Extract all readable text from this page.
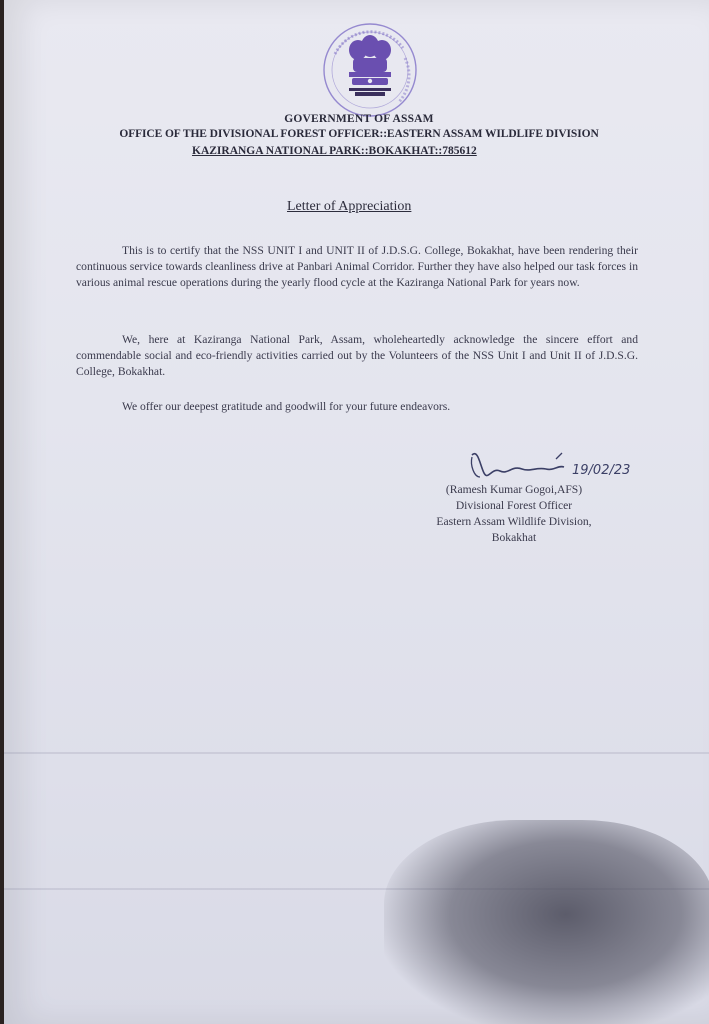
GOVERNMENT OF ASSAM
OFFICE OF THE DIVISIONAL FOREST OFFICER::EASTERN ASSAM WILDLIFE DIVISION
KAZIRANGA NATIONAL PARK::BOKAKHAT::785612
Letter of Appreciation

This is to certify that the NSS UNIT I and UNIT II of J.D.S.G. College, Bokakhat, have been rendering their continuous service towards cleanliness drive at Panbari Animal Corridor. Further they have also helped our task forces in various animal rescue operations during the yearly flood cycle at the Kaziranga National Park for years now.

We, here at Kaziranga National Park, Assam, wholeheartedly acknowledge the sincere effort and commendable social and eco-friendly activities carried out by the Volunteers of the NSS Unit I and Unit II of J.D.S.G. College, Bokakhat.

We offer our deepest gratitude and goodwill for your future endeavors.

19/02/23
(Ramesh Kumar Gogoi,AFS)
Divisional Forest Officer
Eastern Assam Wildlife Division,
Bokakhat
